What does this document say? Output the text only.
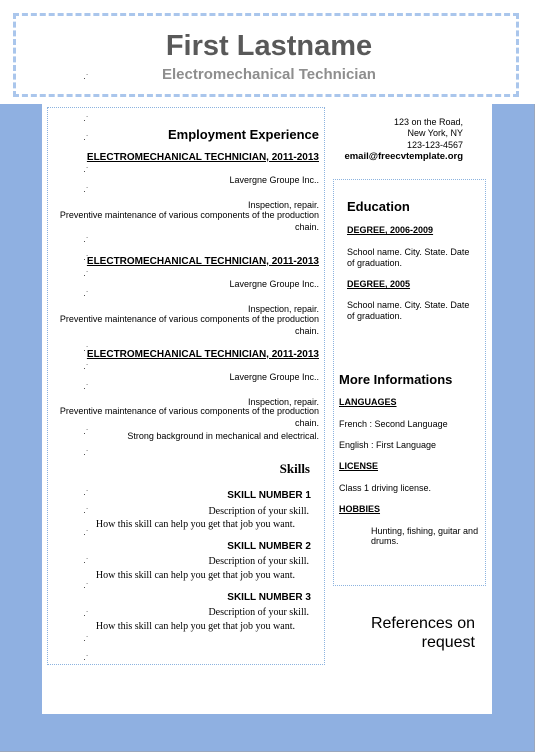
First Lastname
Electromechanical Technician
·˙
·˙
·˙
·˙
·˙
·˙
·˙
·˙
·˙
·˙
·˙
·˙
·˙
·˙
·˙
·˙
·˙
·˙
·˙
·˙
·˙
·˙
Employment Experience
ELECTROMECHANICAL TECHNICIAN, 2011-2013
Lavergne Groupe Inc..
Inspection, repair.
Preventive maintenance of various components of the production
chain.
ELECTROMECHANICAL TECHNICIAN, 2011-2013
Lavergne Groupe Inc..
Inspection, repair.
Preventive maintenance of various components of the production
chain.
ELECTROMECHANICAL TECHNICIAN, 2011-2013
Lavergne Groupe Inc..
Inspection, repair.
Preventive maintenance of various components of the production
chain.
Strong background in mechanical and electrical.
Skills
SKILL NUMBER 1
Description of your skill.
How this skill can help you get that job you want.
SKILL NUMBER 2
Description of your skill.
How this skill can help you get that job you want.
SKILL NUMBER 3
Description of your skill.
How this skill can help you get that job you want.
123 on the Road,
New York, NY
123-123-4567
email@freecvtemplate.org
Education
DEGREE, 2006-2009
School name. City. State. Date
of graduation.
DEGREE, 2005
School name. City. State. Date
of graduation.
More Informations
LANGUAGES
French : Second Language
English : First Language
LICENSE
Class 1 driving license.
HOBBIES
Hunting, fishing, guitar and
drums.
References on
request
